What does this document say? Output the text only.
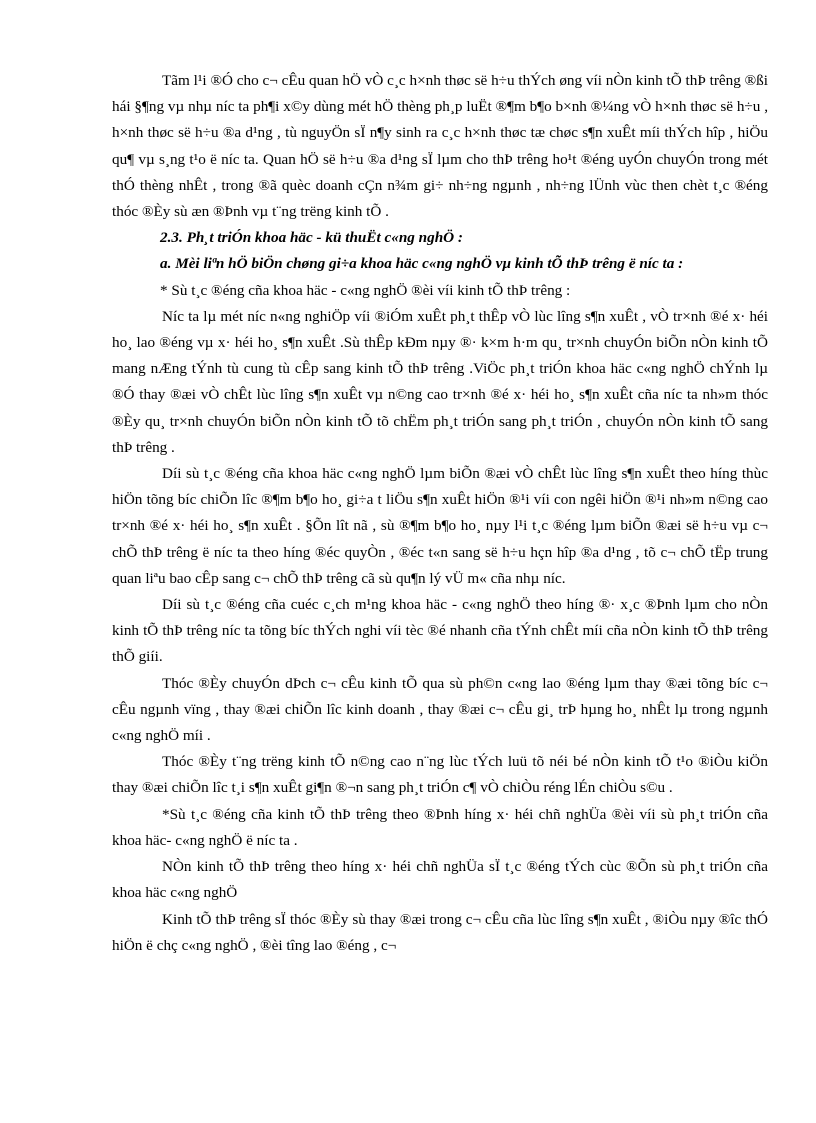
Tãm l¹i ®Ó cho c¬ cÊu quan hÖ vÒ c¸c h×nh thøc së h÷u thÝch øng víi nÒn kinh tÕ thÞ trêng ®ßi hái §¶ng vµ nhµ níc ta ph¶i x©y dùng mét hÖ thèng ph¸p luËt ®¶m b¶o b×nh ®¼ng vÒ h×nh thøc së h÷u , h×nh thøc së h÷u ®a d¹ng , tù nguyÖn sÏ n¶y sinh ra c¸c h×nh thøc tæ chøc s¶n xuÊt míi thÝch hîp , hiÖu qu¶ vµ s¸ng t¹o ë níc ta. Quan hÖ së h÷u ®a d¹ng sÏ lµm cho thÞ trêng ho¹t ®éng uyÓn chuyÓn trong mét thÓ thèng nhÊt , trong ®ã quèc doanh cÇn n¾m gi÷ nh÷ng ngµnh , nh÷ng lÜnh vùc then chèt t¸c ®éng thóc ®Èy sù æn ®Þnh vµ t¨ng trëng kinh tÕ .

2.3. Ph¸t triÓn khoa häc - kü thuËt c«ng nghÖ :

a. Mèi liªn hÖ biÖn chøng gi÷a khoa häc c«ng nghÖ vµ kinh tÕ thÞ trêng ë níc ta :

* Sù t¸c ®éng cña khoa häc - c«ng nghÖ ®èi víi kinh tÕ thÞ trêng :

Níc ta lµ mét níc n«ng nghiÖp víi ®iÓm xuÊt ph¸t thÊp vÒ lùc lîng s¶n xuÊt , vÒ tr×nh ®é x· héi ho¸ lao ®éng vµ x· héi ho¸ s¶n xuÊt .Sù thÊp kÐm nµy ®· k×m h·m qu¸ tr×nh chuyÓn biÕn nÒn kinh tÕ mang nÆng tÝnh tù cung tù cÊp sang kinh tÕ thÞ trêng .ViÖc ph¸t triÓn khoa häc c«ng nghÖ chÝnh lµ ®Ó thay ®æi vÒ chÊt lùc lîng s¶n xuÊt vµ n©ng cao tr×nh ®é x· héi ho¸ s¶n xuÊt cña níc ta nh»m thóc ®Èy qu¸ tr×nh chuyÓn biÕn nÒn kinh tÕ tõ chËm ph¸t triÓn sang ph¸t triÓn , chuyÓn nÒn kinh tÕ sang thÞ trêng .

Díi sù t¸c ®éng cña khoa häc c«ng nghÖ lµm biÕn ®æi vÒ chÊt lùc lîng s¶n xuÊt theo híng thùc hiÖn tõng bíc chiÕn lîc ®¶m b¶o ho¸ gi÷a t liÖu s¶n xuÊt hiÖn ®¹i víi con ngêi hiÖn ®¹i nh»m n©ng cao tr×nh ®é x· héi ho¸ s¶n xuÊt . §Õn lît nã , sù ®¶m b¶o ho¸ nµy l¹i t¸c ®éng lµm biÕn ®æi së h÷u vµ c¬ chÕ thÞ trêng ë níc ta theo híng ®éc quyÒn , ®éc t«n sang së h÷u hçn hîp ®a d¹ng , tõ c¬ chÕ tËp trung quan liªu bao cÊp sang c¬ chÕ thÞ trêng cã sù qu¶n lý vÜ m« cña nhµ níc.

Díi sù t¸c ®éng cña cuéc c¸ch m¹ng khoa häc - c«ng nghÖ theo híng ®· x¸c ®Þnh lµm cho nÒn kinh tÕ thÞ trêng níc ta tõng bíc thÝch nghi víi tèc ®é nhanh cña tÝnh chÊt míi cña nÒn kinh tÕ thÞ trêng thÕ giíi.

Thóc ®Èy chuyÓn dÞch c¬ cÊu kinh tÕ qua sù ph©n c«ng lao ®éng lµm thay ®æi tõng bíc c¬ cÊu ngµnh vïng , thay ®æi chiÕn lîc kinh doanh , thay ®æi c¬ cÊu gi¸ trÞ hµng ho¸ nhÊt lµ trong ngµnh c«ng nghÖ míi .

Thóc ®Èy t¨ng trëng kinh tÕ n©ng cao n¨ng lùc tÝch luü tõ néi bé nÒn kinh tÕ t¹o ®iÒu kiÖn thay ®æi chiÕn lîc t¸i s¶n xuÊt gi¶n ®¬n sang ph¸t triÓn c¶ vÒ chiÒu réng lÉn chiÒu s©u .

*Sù t¸c ®éng cña kinh tÕ thÞ trêng theo ®Þnh híng x· héi chñ nghÜa ®èi víi sù ph¸t triÓn cña khoa häc- c«ng nghÖ ë níc ta .

NÒn kinh tÕ thÞ trêng theo híng x· héi chñ nghÜa sÏ t¸c ®éng tÝch cùc ®Õn sù ph¸t triÓn cña khoa häc c«ng nghÖ

Kinh tÕ thÞ trêng sÏ thóc ®Èy sù thay ®æi trong c¬ cÊu cña lùc lîng s¶n xuÊt , ®iÒu nµy ®îc thÓ hiÖn ë chç c«ng nghÖ , ®èi tîng lao ®éng , c¬
